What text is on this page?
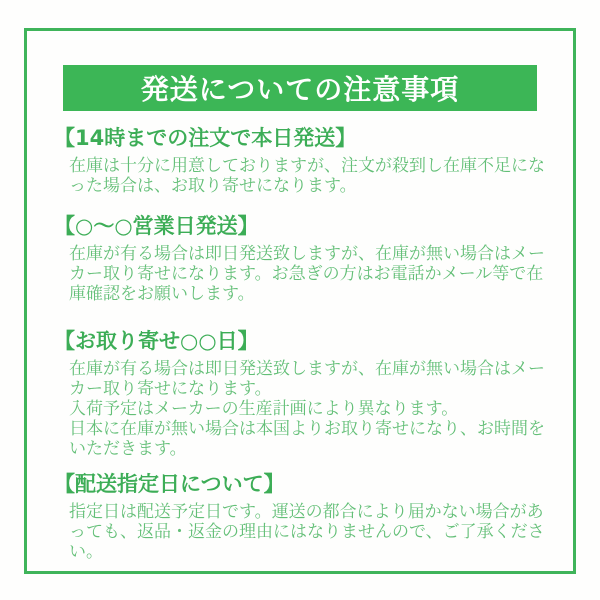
発送についての注意事項
【14時までの注文で本日発送】

在庫は十分に用意しておりますが、注文が殺到し在庫不足になった場合は、お取り寄せになります。

【○〜○営業日発送】

在庫が有る場合は即日発送致しますが、在庫が無い場合はメーカー取り寄せになります。お急ぎの方はお電話かメール等で在庫確認をお願いします。

【お取り寄せ○○日】

在庫が有る場合は即日発送致しますが、在庫が無い場合はメーカー取り寄せになります。

入荷予定はメーカーの生産計画により異なります。

日本に在庫が無い場合は本国よりお取り寄せになり、お時間をいただきます。

【配送指定日について】

指定日は配送予定日です。運送の都合により届かない場合があっても、返品・返金の理由にはなりませんので、ご了承ください。
